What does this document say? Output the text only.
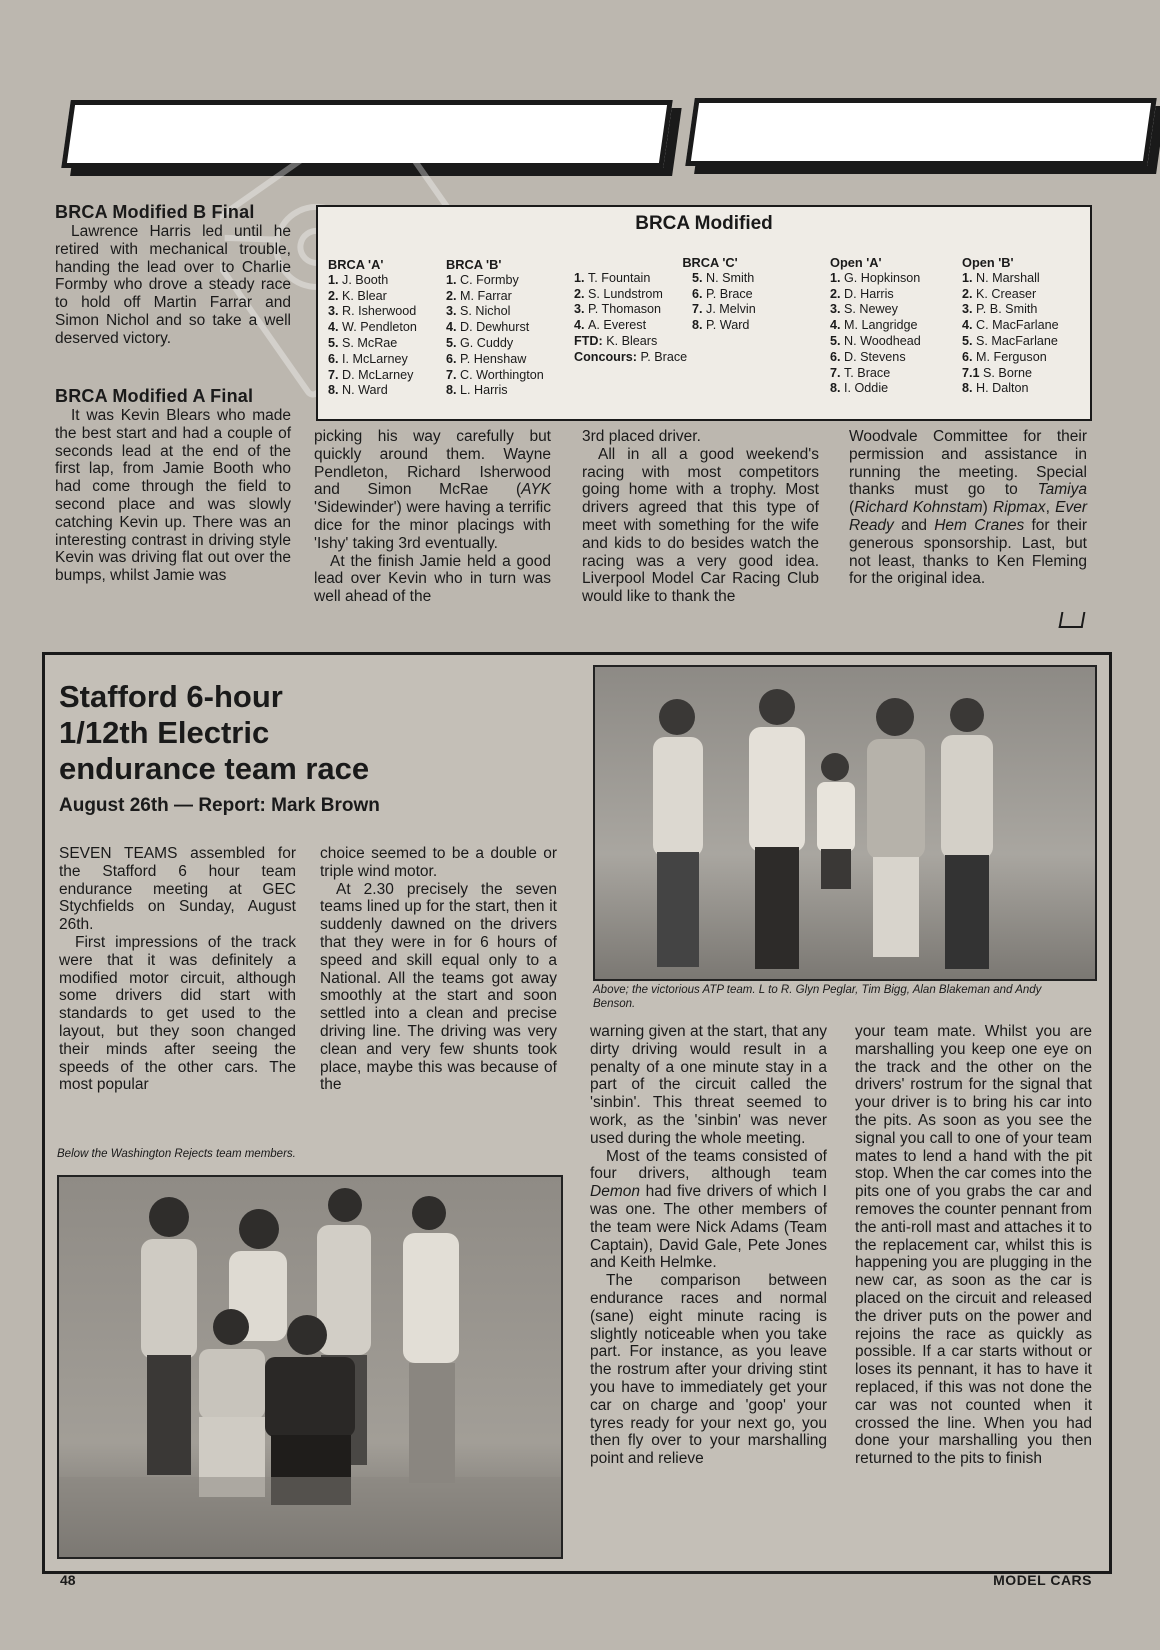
BRCA Modified B Final

Lawrence Harris led until he retired with mechanical trouble, handing the lead over to Charlie Formby who drove a steady race to hold off Martin Farrar and Simon Nichol and so take a well deserved victory.

BRCA Modified A Final

It was Kevin Blears who made the best start and had a couple of seconds lead at the end of the first lap, from Jamie Booth who had come through the field to second place and was slowly catching Kevin up. There was an interesting contrast in driving style Kevin was driving flat out over the bumps, whilst Jamie was

picking his way carefully but quickly around them. Wayne Pendleton, Richard Isherwood and Simon McRae (AYK 'Sidewinder') were having a terrific dice for the minor placings with 'Ishy' taking 3rd eventually.

At the finish Jamie held a good lead over Kevin who in turn was well ahead of the

3rd placed driver.

All in all a good weekend's racing with most competitors going home with a trophy. Most drivers agreed that this type of meet with something for the wife and kids to do besides watch the racing was a very good idea. Liverpool Model Car Racing Club would like to thank the

Woodvale Committee for their permission and assistance in running the meeting. Special thanks must go to Tamiya (Richard Kohnstam) Ripmax, Ever Ready and Hem Cranes for their generous sponsorship. Last, but not least, thanks to Ken Fleming for the original idea.

BRCA Modified
BRCA 'A'
1. J. Booth
2. K. Blear
3. R. Isherwood
4. W. Pendleton
5. S. McRae
6. I. McLarney
7. D. McLarney
8. N. Ward
BRCA 'B'
1. C. Formby
2. M. Farrar
3. S. Nichol
4. D. Dewhurst
5. G. Cuddy
6. P. Henshaw
7. C. Worthington
8. L. Harris
BRCA 'C'
1. T. Fountain
2. S. Lundstrom
3. P. Thomason
4. A. Everest
5. N. Smith
6. P. Brace
7. J. Melvin
8. P. Ward
FTD: K. Blears
Concours: P. Brace
Open 'A'
1. G. Hopkinson
2. D. Harris
3. S. Newey
4. M. Langridge
5. N. Woodhead
6. D. Stevens
7. T. Brace
8. I. Oddie
Open 'B'
1. N. Marshall
2. K. Creaser
3. P. B. Smith
4. C. MacFarlane
5. S. MacFarlane
6. M. Ferguson
7.1 S. Borne
8. H. Dalton
Stafford 6-hour
1/12th Electric
endurance team race
August 26th — Report: Mark Brown

SEVEN TEAMS assembled for the Stafford 6 hour team endurance meeting at GEC Stychfields on Sunday, August 26th.

First impressions of the track were that it was definitely a modified motor circuit, although some drivers did start with standards to get used to the layout, but they soon changed their minds after seeing the speeds of the other cars. The most popular

choice seemed to be a double or triple wind motor.

At 2.30 precisely the seven teams lined up for the start, then it suddenly dawned on the drivers that they were in for 6 hours of speed and skill equal only to a National. All the teams got away smoothly at the start and soon settled into a clean and precise driving line. The driving was very clean and very few shunts took place, maybe this was because of the

Above; the victorious ATP team. L to R. Glyn Peglar, Tim Bigg, Alan Blakeman and Andy Benson.

warning given at the start, that any dirty driving would result in a penalty of a one minute stay in a part of the circuit called the 'sinbin'. This threat seemed to work, as the 'sinbin' was never used during the whole meeting.

Most of the teams consisted of four drivers, although team Demon had five drivers of which I was one. The other members of the team were Nick Adams (Team Captain), David Gale, Pete Jones and Keith Helmke.

The comparison between endurance races and normal (sane) eight minute racing is slightly noticeable when you take part. For instance, as you leave the rostrum after your driving stint you have to immediately get your car on charge and 'goop' your tyres ready for your next go, you then fly over to your marshalling point and relieve

your team mate. Whilst you are marshalling you keep one eye on the track and the other on the drivers' rostrum for the signal that your driver is to bring his car into the pits. As soon as you see the signal you call to one of your team mates to lend a hand with the pit stop. When the car comes into the pits one of you grabs the car and removes the counter pennant from the anti-roll mast and attaches it to the replacement car, whilst this is happening you are plugging in the new car, as soon as the car is placed on the circuit and released the driver puts on the power and rejoins the race as quickly as possible. If a car starts without or loses its pennant, it has to have it replaced, if this was not done the car was not counted when it crossed the line. When you had done your marshalling you then returned to the pits to finish

Below the Washington Rejects team members.
48	MODEL CARS
